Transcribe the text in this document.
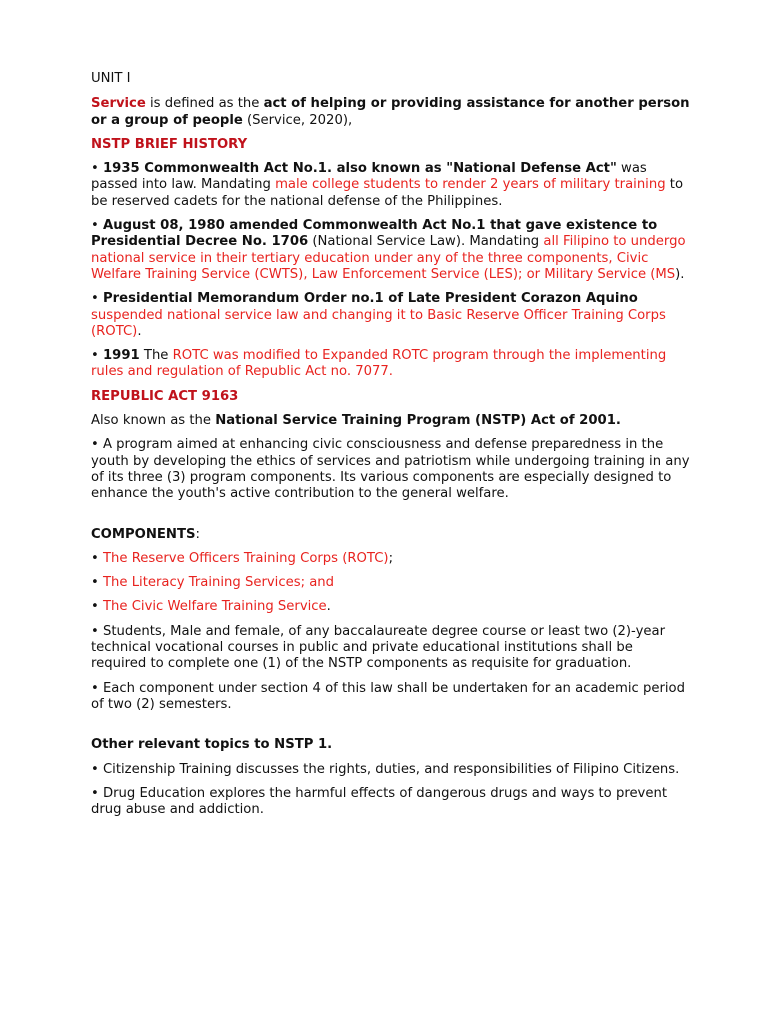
UNIT I

Service is defined as the act of helping or providing assistance for another person or a group of people (Service, 2020),

NSTP BRIEF HISTORY

• 1935 Commonwealth Act No.1. also known as "National Defense Act" was passed into law. Mandating male college students to render 2 years of military training to be reserved cadets for the national defense of the Philippines.

• August 08, 1980 amended Commonwealth Act No.1 that gave existence to Presidential Decree No. 1706 (National Service Law). Mandating all Filipino to undergo national service in their tertiary education under any of the three components, Civic Welfare Training Service (CWTS), Law Enforcement Service (LES); or Military Service (MS).

• Presidential Memorandum Order no.1 of Late President Corazon Aquino suspended national service law and changing it to Basic Reserve Officer Training Corps (ROTC).

• 1991 The ROTC was modified to Expanded ROTC program through the implementing rules and regulation of Republic Act no. 7077.

REPUBLIC ACT 9163

Also known as the National Service Training Program (NSTP) Act of 2001.

• A program aimed at enhancing civic consciousness and defense preparedness in the youth by developing the ethics of services and patriotism while undergoing training in any of its three (3) program components. Its various components are especially designed to enhance the youth's active contribution to the general welfare.

COMPONENTS:

• The Reserve Officers Training Corps (ROTC);

• The Literacy Training Services; and

• The Civic Welfare Training Service.

• Students, Male and female, of any baccalaureate degree course or least two (2)-year technical vocational courses in public and private educational institutions shall be required to complete one (1) of the NSTP components as requisite for graduation.

• Each component under section 4 of this law shall be undertaken for an academic period of two (2) semesters.

Other relevant topics to NSTP 1.

• Citizenship Training discusses the rights, duties, and responsibilities of Filipino Citizens.

• Drug Education explores the harmful effects of dangerous drugs and ways to prevent drug abuse and addiction.
